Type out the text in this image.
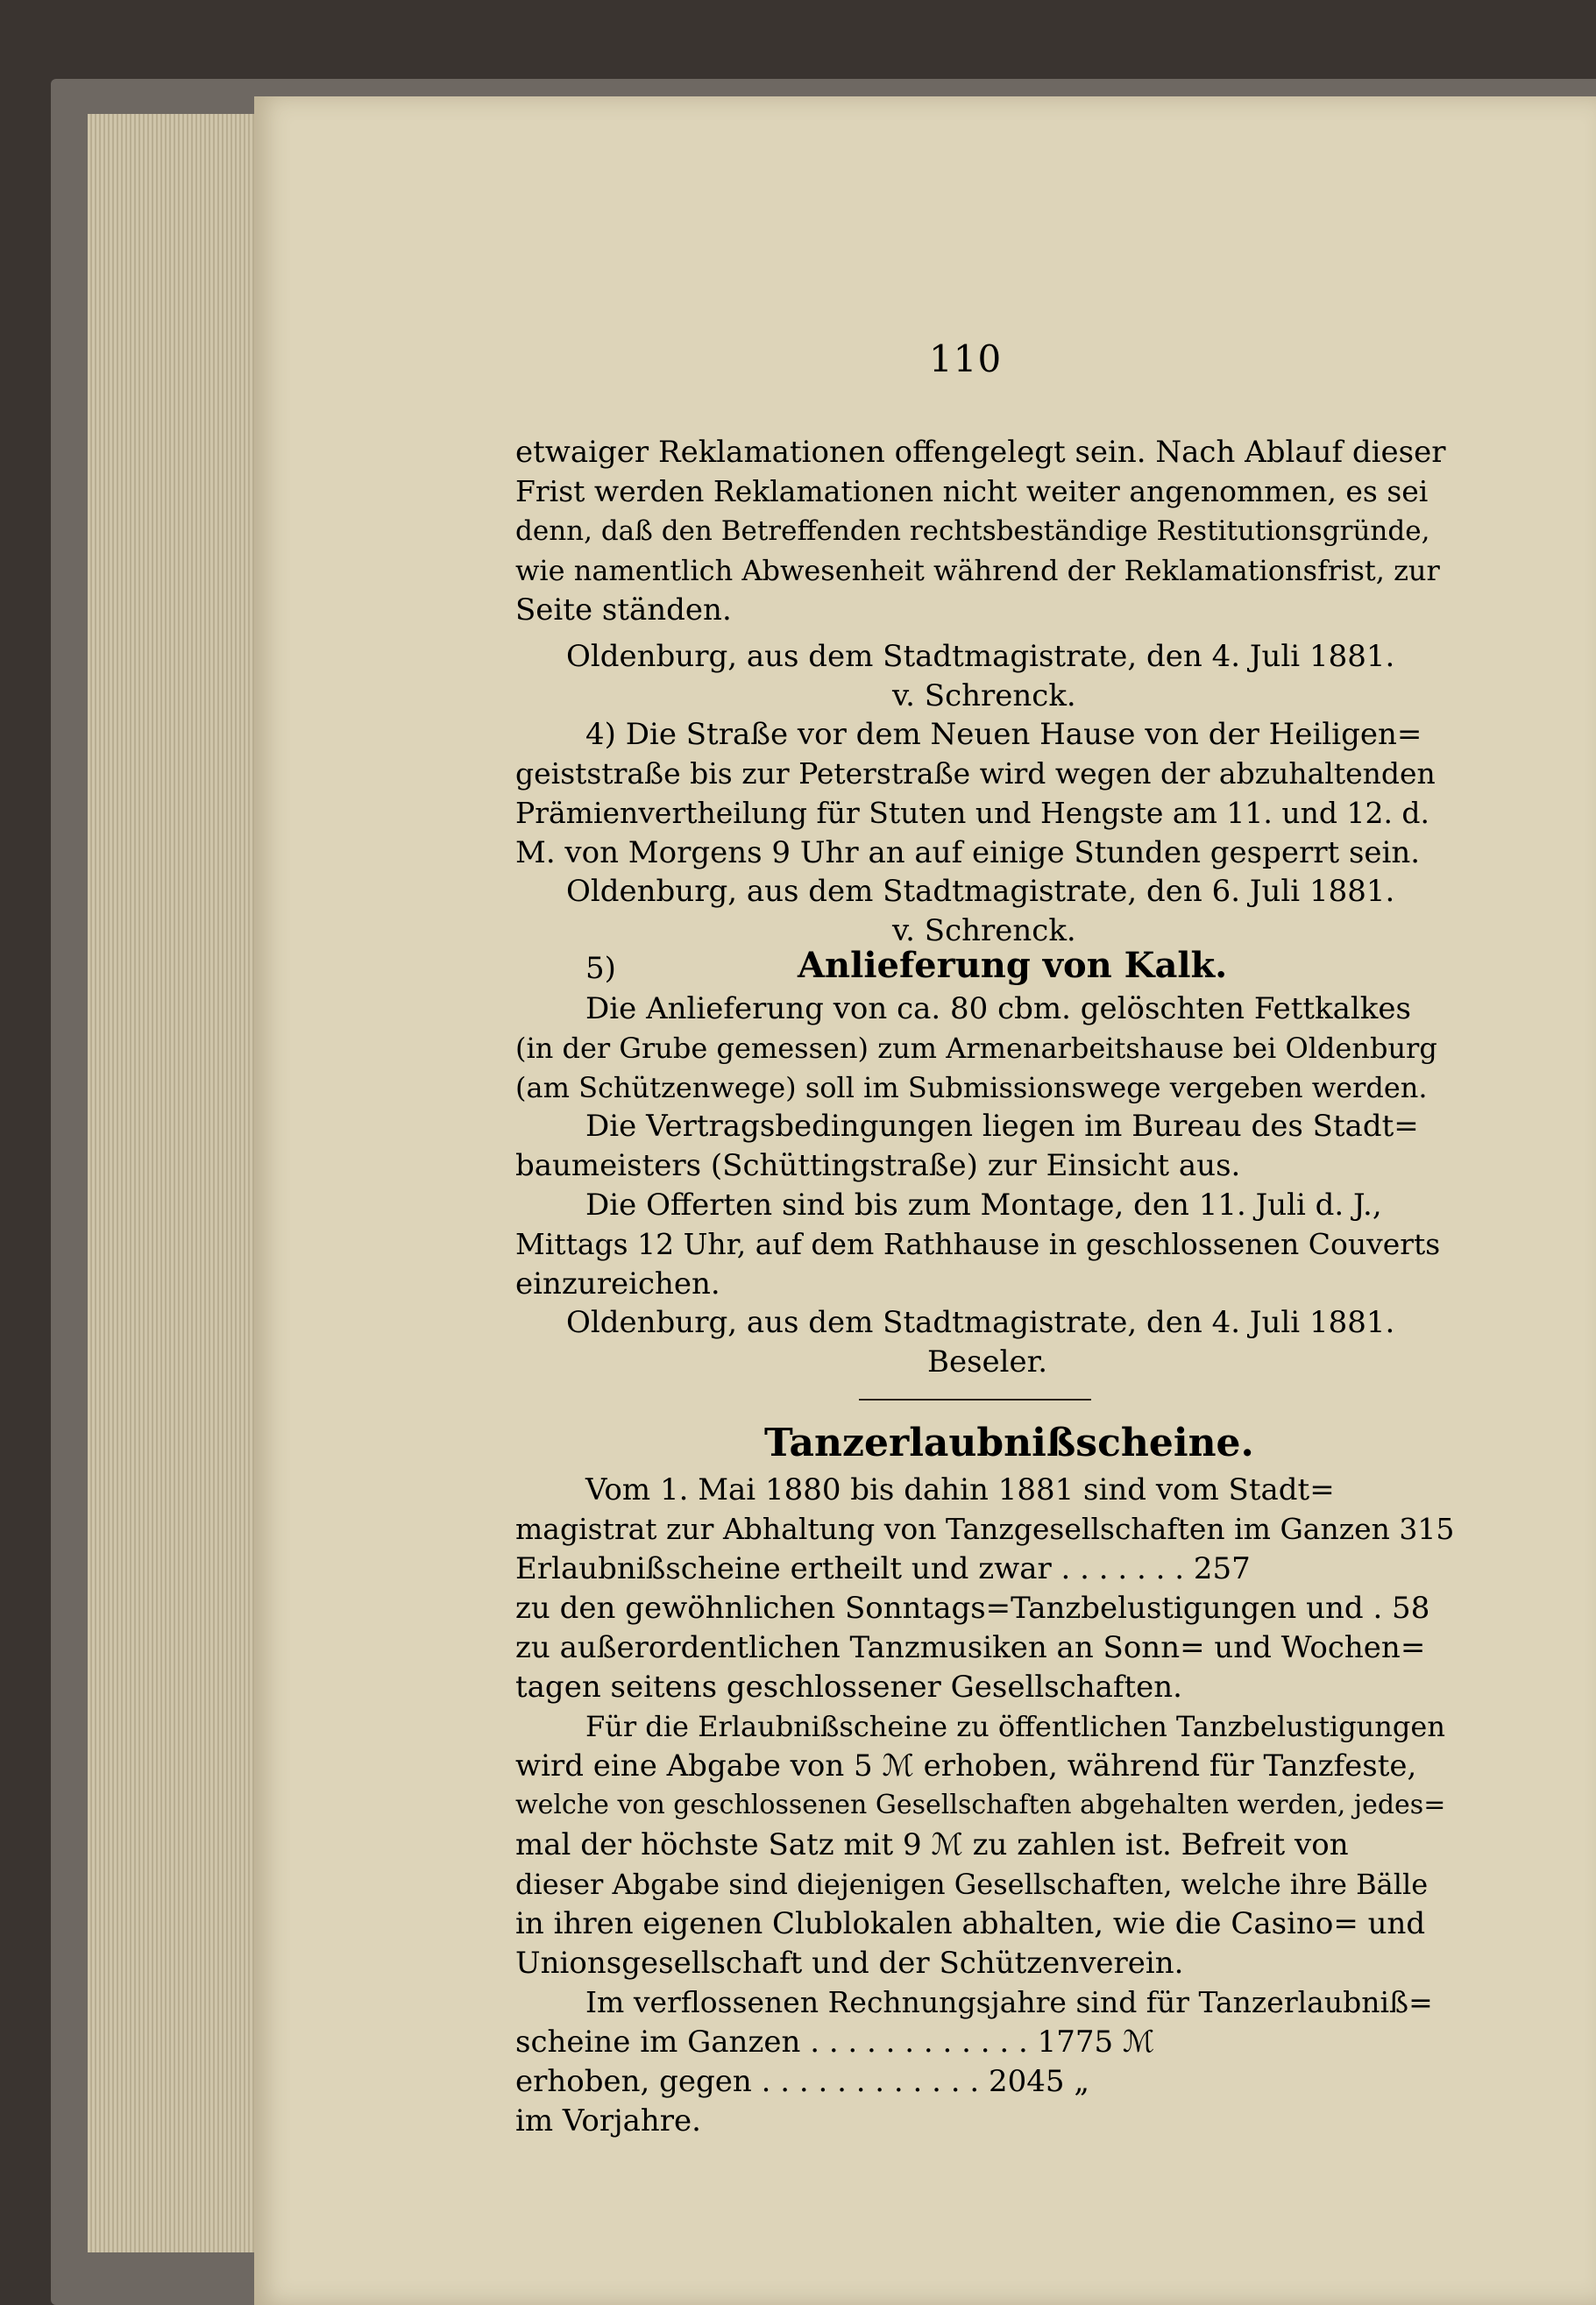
110
etwaiger Reklamationen offengelegt sein. Nach Ablauf dieser
Frist werden Reklamationen nicht weiter angenommen, es sei
denn, daß den Betreffenden rechtsbeständige Restitutionsgründe,
wie namentlich Abwesenheit während der Reklamationsfrist, zur
Seite ständen.
Oldenburg, aus dem Stadtmagistrate, den 4. Juli 1881.
v. Schrenck.
4) Die Straße vor dem Neuen Hause von der Heiligen=
geiststraße bis zur Peterstraße wird wegen der abzuhaltenden
Prämienvertheilung für Stuten und Hengste am 11. und 12. d.
M. von Morgens 9 Uhr an auf einige Stunden gesperrt sein.
Oldenburg, aus dem Stadtmagistrate, den 6. Juli 1881.
v. Schrenck.
5)	Anlieferung von Kalk.
Die Anlieferung von ca. 80 cbm. gelöschten Fettkalkes
(in der Grube gemessen) zum Armenarbeitshause bei Oldenburg
(am Schützenwege) soll im Submissionswege vergeben werden.
Die Vertragsbedingungen liegen im Bureau des Stadt=
baumeisters (Schüttingstraße) zur Einsicht aus.
Die Offerten sind bis zum Montage, den 11. Juli d. J.,
Mittags 12 Uhr, auf dem Rathhause in geschlossenen Couverts
einzureichen.
Oldenburg, aus dem Stadtmagistrate, den 4. Juli 1881.
Beseler.
Tanzerlaubnißscheine.
Vom 1. Mai 1880 bis dahin 1881 sind vom Stadt=
magistrat zur Abhaltung von Tanzgesellschaften im Ganzen 315
Erlaubnißscheine ertheilt und zwar . . . . . . . 257
zu den gewöhnlichen Sonntags=Tanzbelustigungen und . 58
zu außerordentlichen Tanzmusiken an Sonn= und Wochen=
tagen seitens geschlossener Gesellschaften.
Für die Erlaubnißscheine zu öffentlichen Tanzbelustigungen
wird eine Abgabe von 5 ℳ erhoben, während für Tanzfeste,
welche von geschlossenen Gesellschaften abgehalten werden, jedes=
mal der höchste Satz mit 9 ℳ zu zahlen ist. Befreit von
dieser Abgabe sind diejenigen Gesellschaften, welche ihre Bälle
in ihren eigenen Clublokalen abhalten, wie die Casino= und
Unionsgesellschaft und der Schützenverein.
Im verflossenen Rechnungsjahre sind für Tanzerlaubniß=
scheine im Ganzen . . . . . . . . . . . . 1775 ℳ
erhoben, gegen . . . . . . . . . . . . 2045 „
im Vorjahre.
